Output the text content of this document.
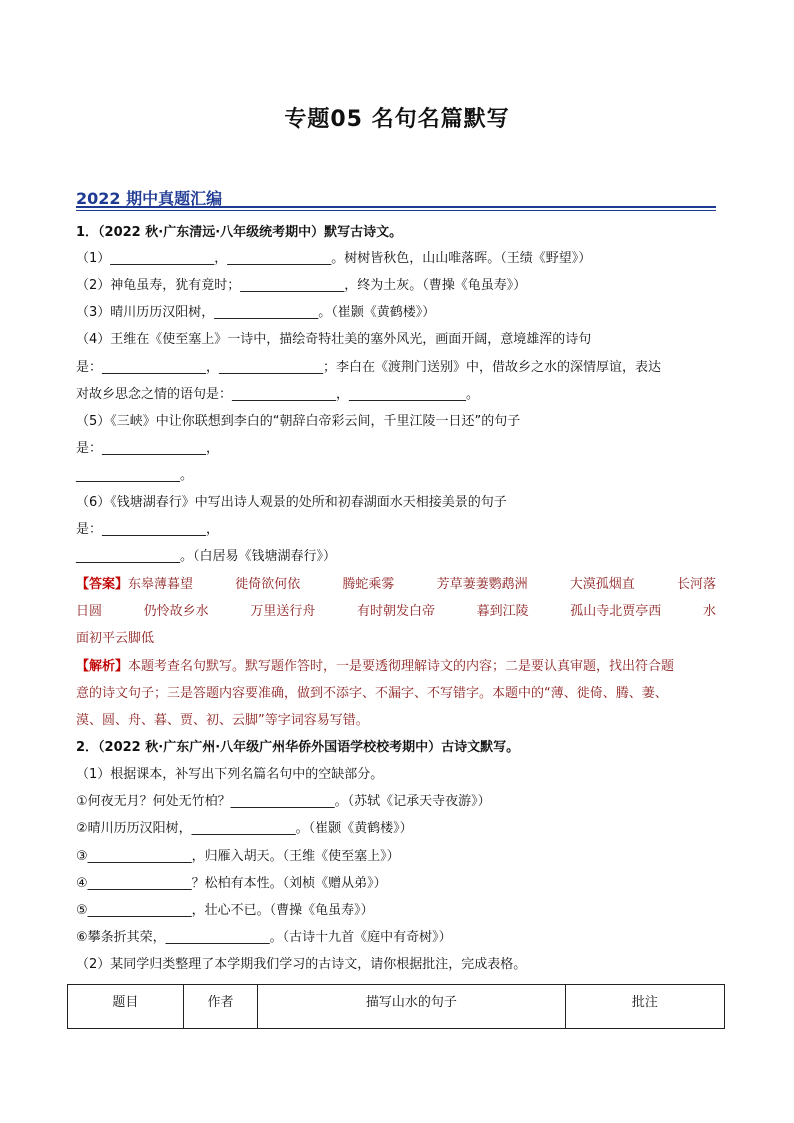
专题05 名句名篇默写
2022 期中真题汇编
1．（2022 秋·广东清远·八年级统考期中）默写古诗文。
（1）________________，________________。树树皆秋色，山山唯落晖。（王绩《野望》）
（2）神龟虽寿，犹有竟时；________________，终为土灰。（曹操《龟虽寿》）
（3）晴川历历汉阳树，________________。（崔颢《黄鹤楼》）
（4）王维在《使至塞上》一诗中，描绘奇特壮美的塞外风光，画面开阔，意境雄浑的诗句
是：________________，________________；李白在《渡荆门送别》中，借故乡之水的深情厚谊，表达
对故乡思念之情的语句是：________________，__________________。
（5）《三峡》中让你联想到李白的“朝辞白帝彩云间，千里江陵一日还”的句子
是：________________，
________________。
（6）《钱塘湖春行》中写出诗人观景的处所和初春湖面水天相接美景的句子
是：________________，
________________。（白居易《钱塘湖春行》）
【答案】东皋薄暮望	徙倚欲何依	腾蛇乘雾	芳草萋萋鹦鹉洲	大漠孤烟直	长河落
日圆	仍怜故乡水	万里送行舟	有时朝发白帝	暮到江陵	孤山寺北贾亭西	水
面初平云脚低
【解析】本题考查名句默写。默写题作答时，一是要透彻理解诗文的内容；二是要认真审题，找出符合题
意的诗文句子；三是答题内容要准确，做到不添字、不漏字、不写错字。本题中的“薄、徙倚、腾、萋、
漠、圆、舟、暮、贾、初、云脚”等字词容易写错。
2．（2022 秋·广东广州·八年级广州华侨外国语学校校考期中）古诗文默写。
（1）根据课本，补写出下列名篇名句中的空缺部分。
①何夜无月？何处无竹柏？________________。（苏轼《记承天寺夜游》）
②晴川历历汉阳树，________________。（崔颢《黄鹤楼》）
③________________，归雁入胡天。（王维《使至塞上》）
④________________？松柏有本性。（刘桢《赠从弟》）
⑤________________，壮心不已。（曹操《龟虽寿》）
⑥攀条折其荣，________________。（古诗十九首《庭中有奇树》）
（2）某同学归类整理了本学期我们学习的古诗文，请你根据批注，完成表格。
题目	作者	描写山水的句子	批注
